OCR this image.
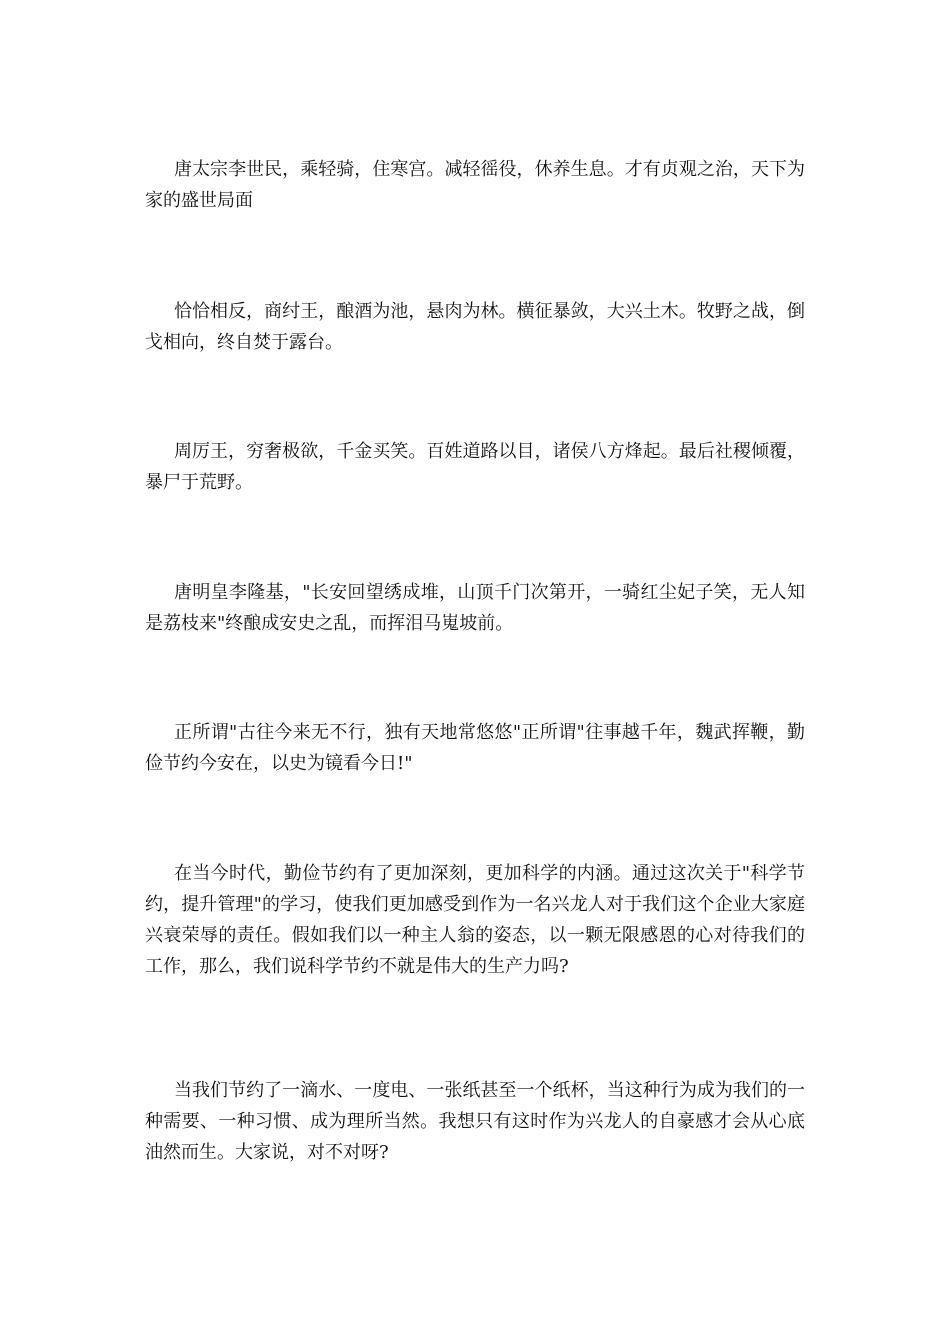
唐太宗李世民，乘轻骑，住寒宫。减轻徭役，休养生息。才有贞观之治，天下为家的盛世局面

恰恰相反，商纣王，酿酒为池，悬肉为林。横征暴敛，大兴土木。牧野之战，倒戈相向，终自焚于露台。

周厉王，穷奢极欲，千金买笑。百姓道路以目，诸侯八方烽起。最后社稷倾覆，暴尸于荒野。

唐明皇李隆基，"长安回望绣成堆，山顶千门次第开，一骑红尘妃子笑，无人知是荔枝来"终酿成安史之乱，而挥泪马嵬坡前。

正所谓"古往今来无不行，独有天地常悠悠"正所谓"往事越千年，魏武挥鞭，勤俭节约今安在，以史为镜看今日!"

在当今时代，勤俭节约有了更加深刻，更加科学的内涵。通过这次关于"科学节约，提升管理"的学习，使我们更加感受到作为一名兴龙人对于我们这个企业大家庭兴衰荣辱的责任。假如我们以一种主人翁的姿态，以一颗无限感恩的心对待我们的工作，那么，我们说科学节约不就是伟大的生产力吗?

当我们节约了一滴水、一度电、一张纸甚至一个纸杯，当这种行为成为我们的一种需要、一种习惯、成为理所当然。我想只有这时作为兴龙人的自豪感才会从心底油然而生。大家说，对不对呀?
